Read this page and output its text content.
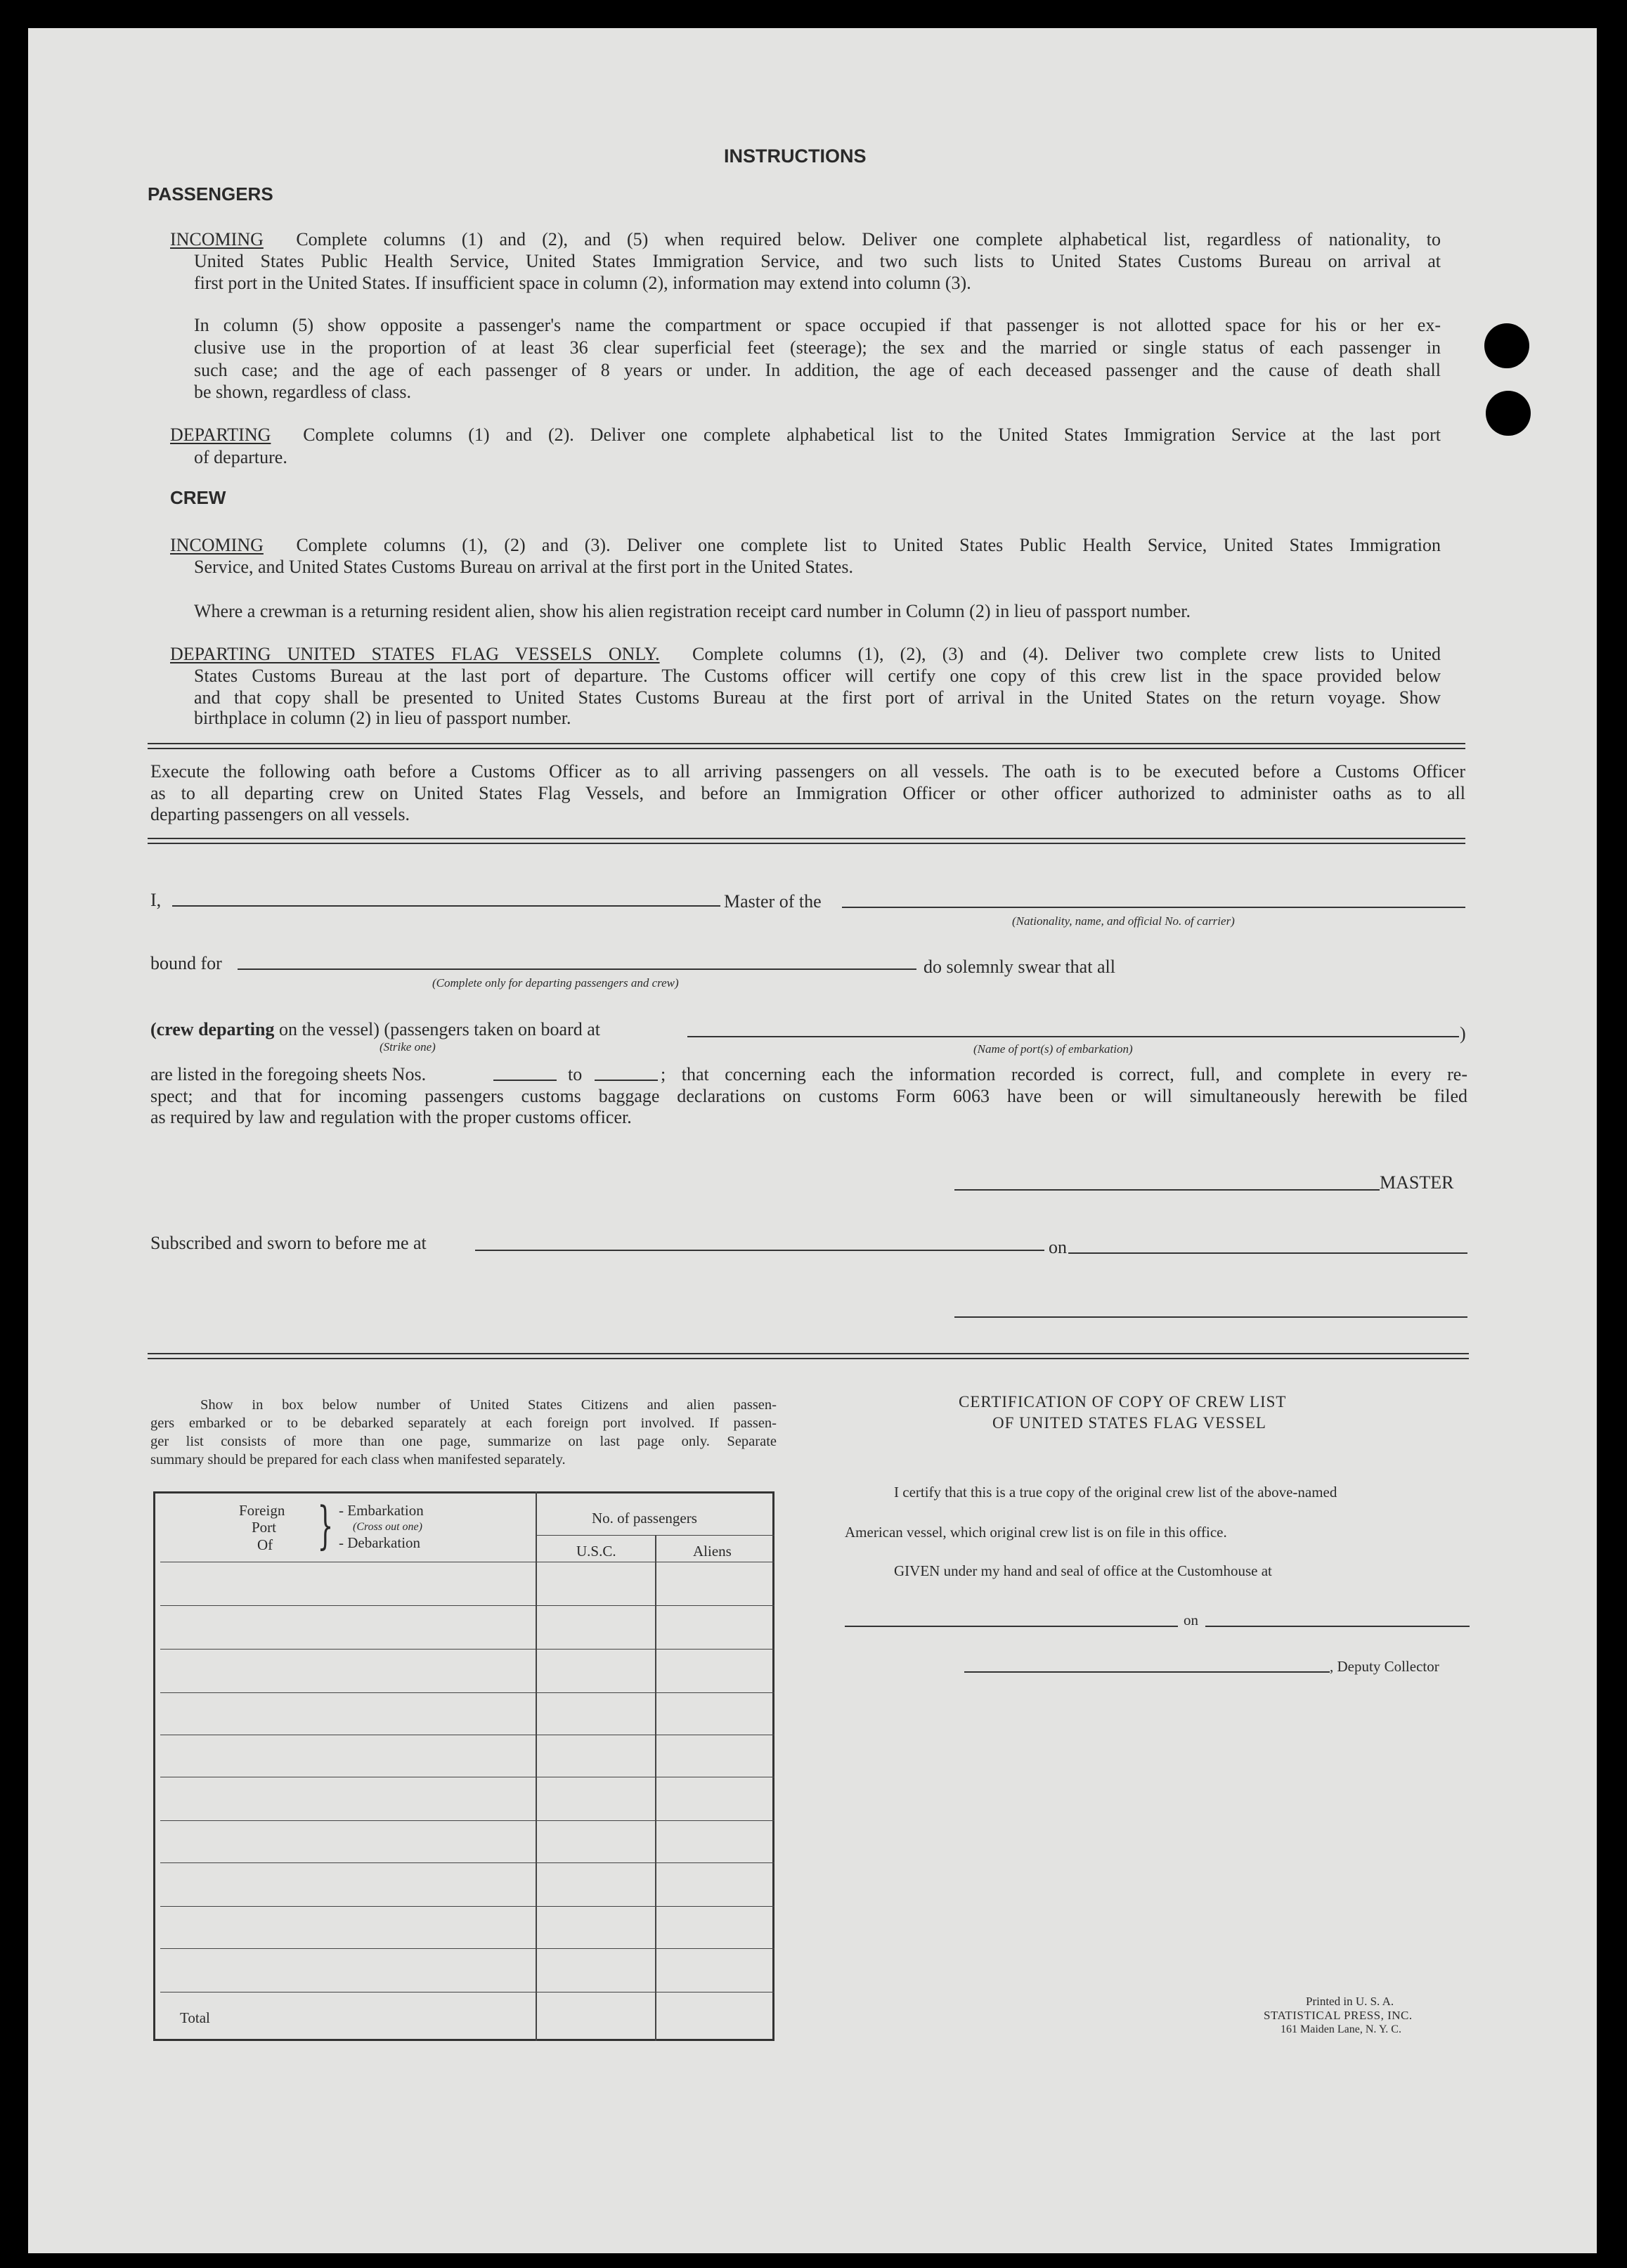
INSTRUCTIONS
PASSENGERS
INCOMING Complete columns (1) and (2), and (5) when required below. Deliver one complete alphabetical list, regardless of nationality, to
United States Public Health Service, United States Immigration Service, and two such lists to United States Customs Bureau on arrival at
first port in the United States. If insufficient space in column (2), information may extend into column (3).
In column (5) show opposite a passenger's name the compartment or space occupied if that passenger is not allotted space for his or her ex-
clusive use in the proportion of at least 36 clear superficial feet (steerage); the sex and the married or single status of each passenger in
such case; and the age of each passenger of 8 years or under. In addition, the age of each deceased passenger and the cause of death shall
be shown, regardless of class.
DEPARTING Complete columns (1) and (2). Deliver one complete alphabetical list to the United States Immigration Service at the last port
of departure.
CREW
INCOMING Complete columns (1), (2) and (3). Deliver one complete list to United States Public Health Service, United States Immigration
Service, and United States Customs Bureau on arrival at the first port in the United States.
Where a crewman is a returning resident alien, show his alien registration receipt card number in Column (2) in lieu of passport number.
DEPARTING UNITED STATES FLAG VESSELS ONLY. Complete columns (1), (2), (3) and (4). Deliver two complete crew lists to United
States Customs Bureau at the last port of departure. The Customs officer will certify one copy of this crew list in the space provided below
and that copy shall be presented to United States Customs Bureau at the first port of arrival in the United States on the return voyage. Show
birthplace in column (2) in lieu of passport number.
Execute the following oath before a Customs Officer as to all arriving passengers on all vessels. The oath is to be executed before a Customs Officer
as to all departing crew on United States Flag Vessels, and before an Immigration Officer or other officer authorized to administer oaths as to all
departing passengers on all vessels.
I,	Master of the
(Nationality, name, and official No. of carrier)
bound for
(Complete only for departing passengers and crew)
do solemnly swear that all
(crew departing on the vessel) (passengers taken on board at	)
(Strike one)	(Name of port(s) of embarkation)
are listed in the foregoing sheets Nos.	to	; that concerning each the information recorded is correct, full, and complete in every re-
spect; and that for incoming passengers customs baggage declarations on customs Form 6063 have been or will simultaneously herewith be filed
as required by law and regulation with the proper customs officer.
MASTER
Subscribed and sworn to before me at	on
Show in box below number of United States Citizens and alien passen-
gers embarked or to be debarked separately at each foreign port involved. If passen-
ger list consists of more than one page, summarize on last page only. Separate
summary should be prepared for each class when manifested separately.
Foreign
Port
Of } - Embarkation
(Cross out one)
- Debarkation
No. of passengers
U.S.C.	Aliens
Total
CERTIFICATION OF COPY OF CREW LIST
OF UNITED STATES FLAG VESSEL
I certify that this is a true copy of the original crew list of the above-named
American vessel, which original crew list is on file in this office.
GIVEN under my hand and seal of office at the Customhouse at
on
, Deputy Collector
Printed in U. S. A.
STATISTICAL PRESS, INC.
161 Maiden Lane, N. Y. C.
